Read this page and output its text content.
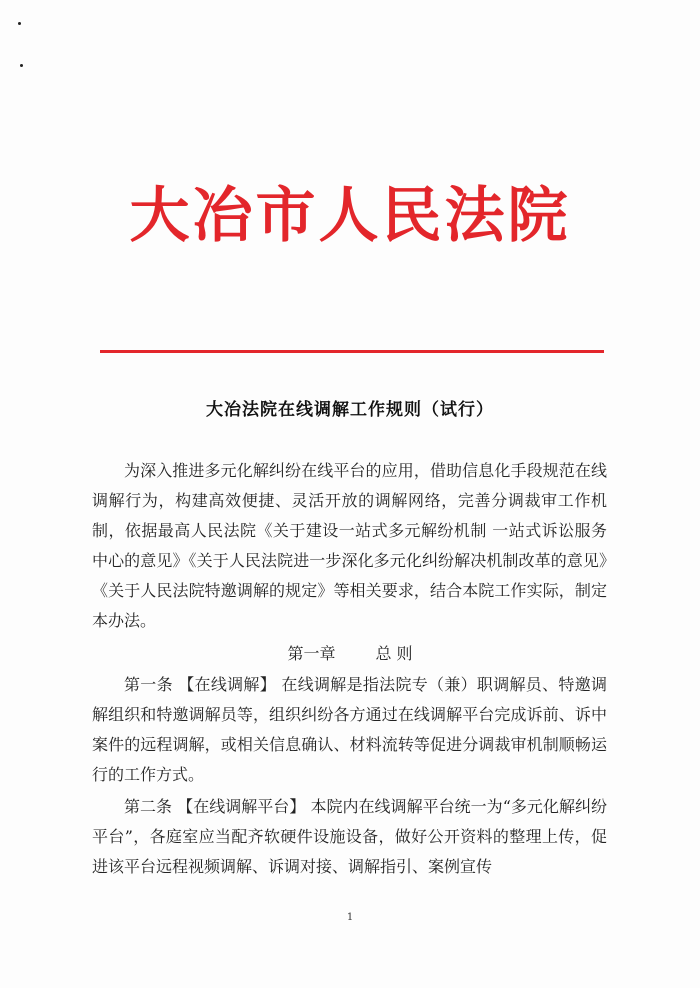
大冶市人民法院
大冶法院在线调解工作规则（试行）

为深入推进多元化解纠纷在线平台的应用，借助信息化手段规范在线调解行为，构建高效便捷、灵活开放的调解网络，完善分调裁审工作机制，依据最高人民法院《关于建设一站式多元解纷机制 一站式诉讼服务中心的意见》《关于人民法院进一步深化多元化纠纷解决机制改革的意见》《关于人民法院特邀调解的规定》等相关要求，结合本院工作实际，制定本办法。

第一章	总 则

第一条 【在线调解】 在线调解是指法院专（兼）职调解员、特邀调解组织和特邀调解员等，组织纠纷各方通过在线调解平台完成诉前、诉中案件的远程调解，或相关信息确认、材料流转等促进分调裁审机制顺畅运行的工作方式。

第二条 【在线调解平台】 本院内在线调解平台统一为“多元化解纠纷平台”，各庭室应当配齐软硬件设施设备，做好公开资料的整理上传，促进该平台远程视频调解、诉调对接、调解指引、案例宣传

1
